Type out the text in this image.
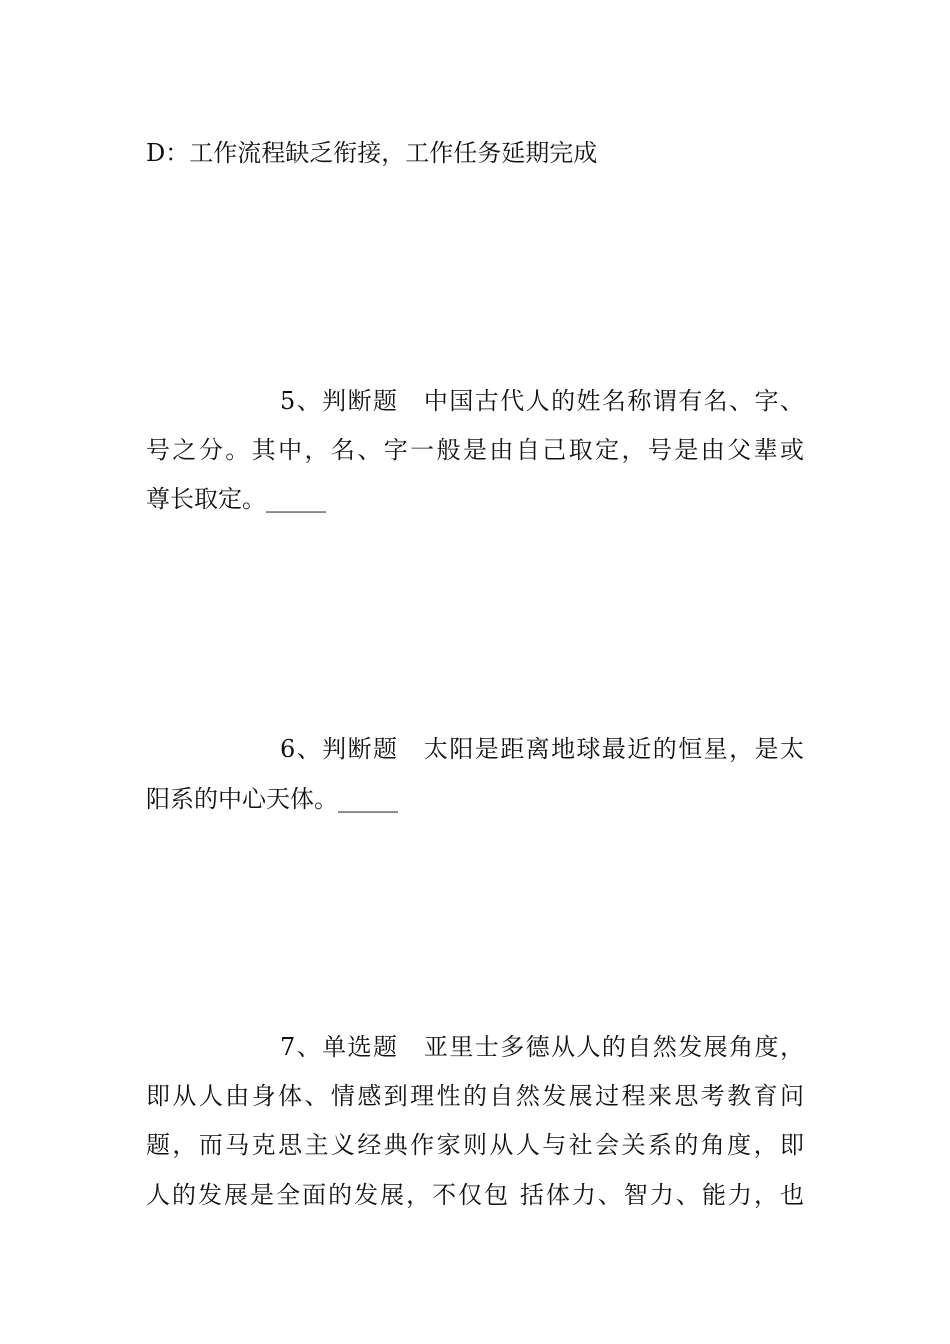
D：工作流程缺乏衔接，工作任务延期完成
5、判断题　中国古代人的姓名称谓有名、字、
号之分。其中，名、字一般是由自己取定，号是由父辈或
尊长取定。_____
6、判断题　太阳是距离地球最近的恒星，是太
阳系的中心天体。_____
7、单选题　亚里士多德从人的自然发展角度，
即从人由身体、情感到理性的自然发展过程来思考教育问
题，而马克思主义经典作家则从人与社会关系的角度，即
人的发展是全面的发展，不仅包 括体力、智力、能力，也
